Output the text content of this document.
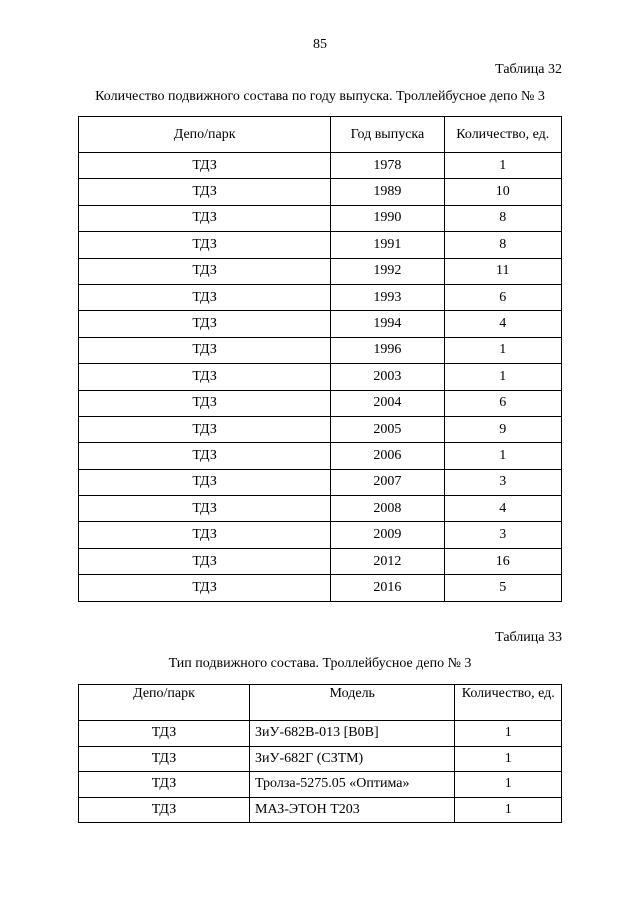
85
Таблица 32
Количество подвижного состава по году выпуска. Троллейбусное депо № 3
Депо/парк	Год выпуска	Количество, ед.
ТДЗ	1978	1
ТДЗ	1989	10
ТДЗ	1990	8
ТДЗ	1991	8
ТДЗ	1992	11
ТДЗ	1993	6
ТДЗ	1994	4
ТДЗ	1996	1
ТДЗ	2003	1
ТДЗ	2004	6
ТДЗ	2005	9
ТДЗ	2006	1
ТДЗ	2007	3
ТДЗ	2008	4
ТДЗ	2009	3
ТДЗ	2012	16
ТДЗ	2016	5
Таблица 33
Тип подвижного состава. Троллейбусное депо № 3
Депо/парк	Модель	Количество, ед.
ТДЗ	ЗиУ-682В-013 [В0В]	1
ТДЗ	ЗиУ-682Г (СЗТМ)	1
ТДЗ	Тролза-5275.05 «Оптима»	1
ТДЗ	МАЗ-ЭТОН Т203	1
